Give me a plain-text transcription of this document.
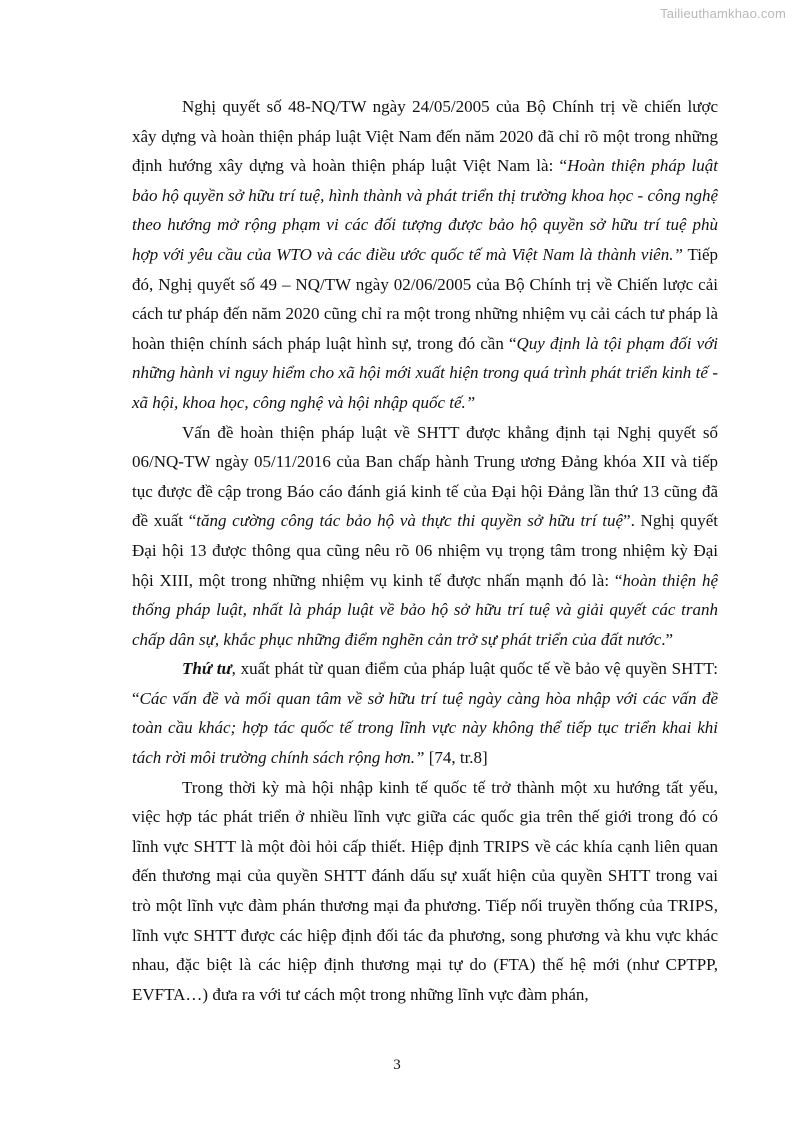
Tailieuthamkhao.com

Nghị quyết số 48-NQ/TW ngày 24/05/2005 của Bộ Chính trị về chiến lược xây dựng và hoàn thiện pháp luật Việt Nam đến năm 2020 đã chỉ rõ một trong những định hướng xây dựng và hoàn thiện pháp luật Việt Nam là: “Hoàn thiện pháp luật bảo hộ quyền sở hữu trí tuệ, hình thành và phát triển thị trường khoa học - công nghệ theo hướng mở rộng phạm vi các đối tượng được bảo hộ quyền sở hữu trí tuệ phù hợp với yêu cầu của WTO và các điều ước quốc tế mà Việt Nam là thành viên.” Tiếp đó, Nghị quyết số 49 – NQ/TW ngày 02/06/2005 của Bộ Chính trị về Chiến lược cải cách tư pháp đến năm 2020 cũng chỉ ra một trong những nhiệm vụ cải cách tư pháp là hoàn thiện chính sách pháp luật hình sự, trong đó cần “Quy định là tội phạm đối với những hành vi nguy hiểm cho xã hội mới xuất hiện trong quá trình phát triển kinh tế - xã hội, khoa học, công nghệ và hội nhập quốc tế.”

Vấn đề hoàn thiện pháp luật về SHTT được khẳng định tại Nghị quyết số 06/NQ-TW ngày 05/11/2016 của Ban chấp hành Trung ương Đảng khóa XII và tiếp tục được đề cập trong Báo cáo đánh giá kinh tế của Đại hội Đảng lần thứ 13 cũng đã đề xuất “tăng cường công tác bảo hộ và thực thi quyền sở hữu trí tuệ”. Nghị quyết Đại hội 13 được thông qua cũng nêu rõ 06 nhiệm vụ trọng tâm trong nhiệm kỳ Đại hội XIII, một trong những nhiệm vụ kinh tế được nhấn mạnh đó là: “hoàn thiện hệ thống pháp luật, nhất là pháp luật về bảo hộ sở hữu trí tuệ và giải quyết các tranh chấp dân sự, khắc phục những điểm nghẽn cản trở sự phát triển của đất nước.”

Thứ tư, xuất phát từ quan điểm của pháp luật quốc tế về bảo vệ quyền SHTT: “Các vấn đề và mối quan tâm về sở hữu trí tuệ ngày càng hòa nhập với các vấn đề toàn cầu khác; hợp tác quốc tế trong lĩnh vực này không thể tiếp tục triển khai khi tách rời môi trường chính sách rộng hơn.” [74, tr.8]

Trong thời kỳ mà hội nhập kinh tế quốc tế trở thành một xu hướng tất yếu, việc hợp tác phát triển ở nhiều lĩnh vực giữa các quốc gia trên thế giới trong đó có lĩnh vực SHTT là một đòi hỏi cấp thiết. Hiệp định TRIPS về các khía cạnh liên quan đến thương mại của quyền SHTT đánh dấu sự xuất hiện của quyền SHTT trong vai trò một lĩnh vực đàm phán thương mại đa phương. Tiếp nối truyền thống của TRIPS, lĩnh vực SHTT được các hiệp định đối tác đa phương, song phương và khu vực khác nhau, đặc biệt là các hiệp định thương mại tự do (FTA) thế hệ mới (như CPTPP, EVFTA…) đưa ra với tư cách một trong những lĩnh vực đàm phán,

3
